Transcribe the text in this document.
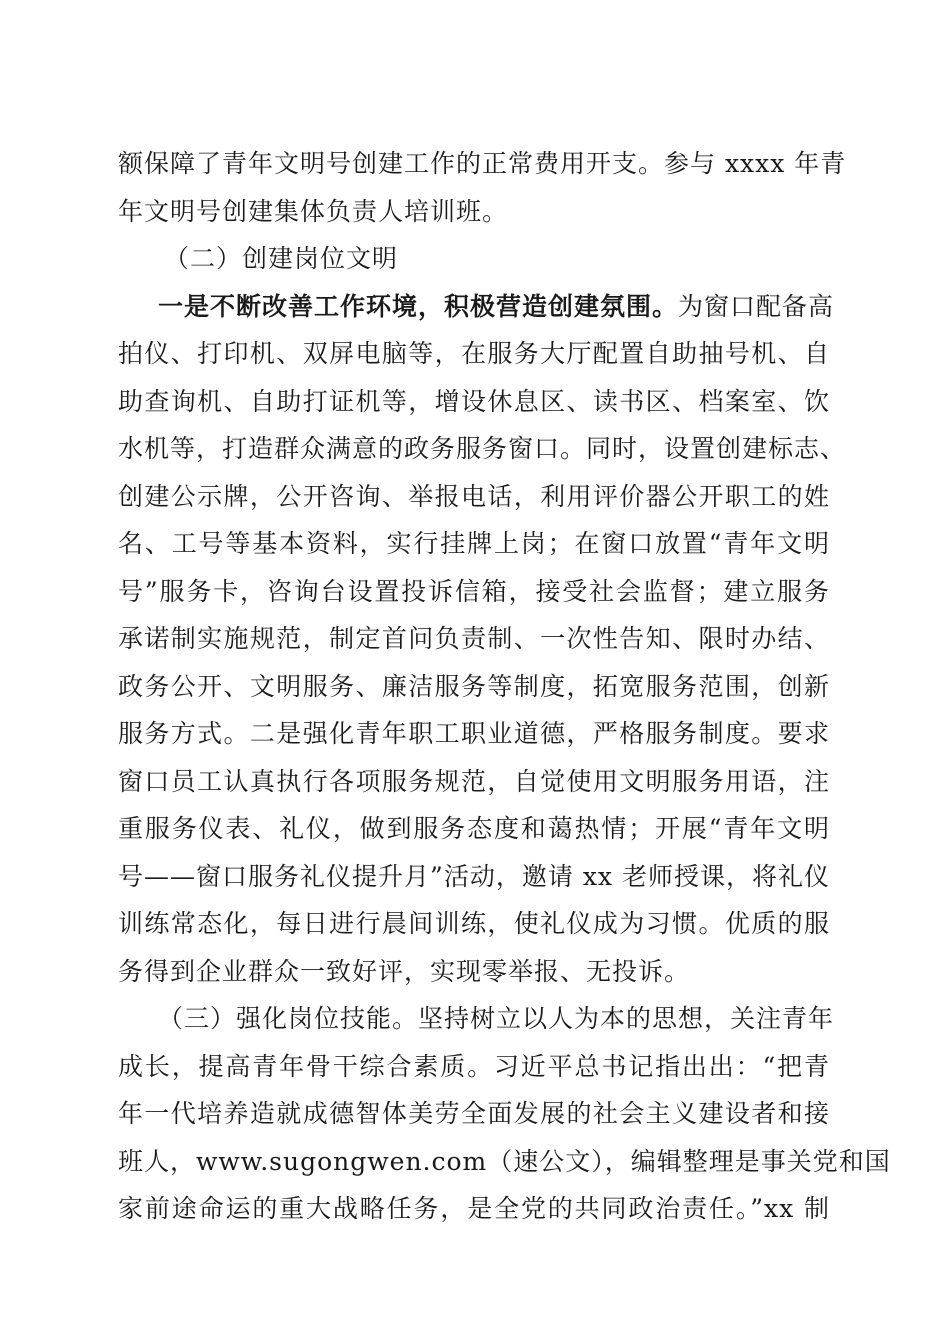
额保障了青年文明号创建工作的正常费用开支。参与 xxxx 年青
年文明号创建集体负责人培训班。
（二）创建岗位文明
一是不断改善工作环境，积极营造创建氛围。为窗口配备高
拍仪、打印机、双屏电脑等，在服务大厅配置自助抽号机、自
助查询机、自助打证机等，增设休息区、读书区、档案室、饮
水机等，打造群众满意的政务服务窗口。同时，设置创建标志、
创建公示牌，公开咨询、举报电话，利用评价器公开职工的姓
名、工号等基本资料，实行挂牌上岗；在窗口放置“青年文明
号”服务卡，咨询台设置投诉信箱，接受社会监督；建立服务
承诺制实施规范，制定首问负责制、一次性告知、限时办结、
政务公开、文明服务、廉洁服务等制度，拓宽服务范围，创新
服务方式。二是强化青年职工职业道德，严格服务制度。要求
窗口员工认真执行各项服务规范，自觉使用文明服务用语，注
重服务仪表、礼仪，做到服务态度和蔼热情；开展“青年文明
号——窗口服务礼仪提升月”活动，邀请 xx 老师授课，将礼仪
训练常态化，每日进行晨间训练，使礼仪成为习惯。优质的服
务得到企业群众一致好评，实现零举报、无投诉。
（三）强化岗位技能。坚持树立以人为本的思想，关注青年
成长，提高青年骨干综合素质。习近平总书记指出出：“把青
年一代培养造就成德智体美劳全面发展的社会主义建设者和接
班人，www.sugongwen.com（速公文），编辑整理是事关党和国
家前途命运的重大战略任务，是全党的共同政治责任。”xx 制
